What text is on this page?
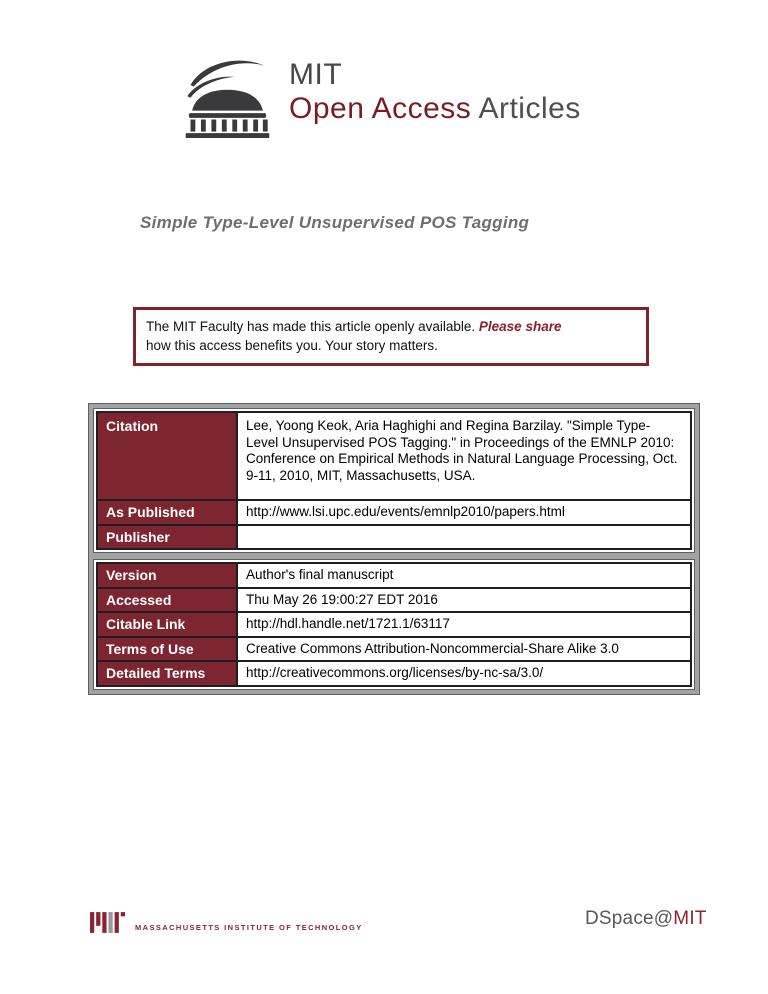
MIT
Open Access Articles
Simple Type-Level Unsupervised POS Tagging
The MIT Faculty has made this article openly available. Please share
how this access benefits you. Your story matters.
Citation	Lee, Yoong Keok, Aria Haghighi and Regina Barzilay. "Simple Type-Level Unsupervised POS Tagging." in Proceedings of the EMNLP 2010: Conference on Empirical Methods in Natural Language Processing, Oct. 9-11, 2010, MIT, Massachusetts, USA.
As Published	http://www.lsi.upc.edu/events/emnlp2010/papers.html
Publisher	
Version	Author's final manuscript
Accessed	Thu May 26 19:00:27 EDT 2016
Citable Link	http://hdl.handle.net/1721.1/63117
Terms of Use	Creative Commons Attribution-Noncommercial-Share Alike 3.0
Detailed Terms	http://creativecommons.org/licenses/by-nc-sa/3.0/
MASSACHUSETTS INSTITUTE OF TECHNOLOGY	DSpace@MIT
